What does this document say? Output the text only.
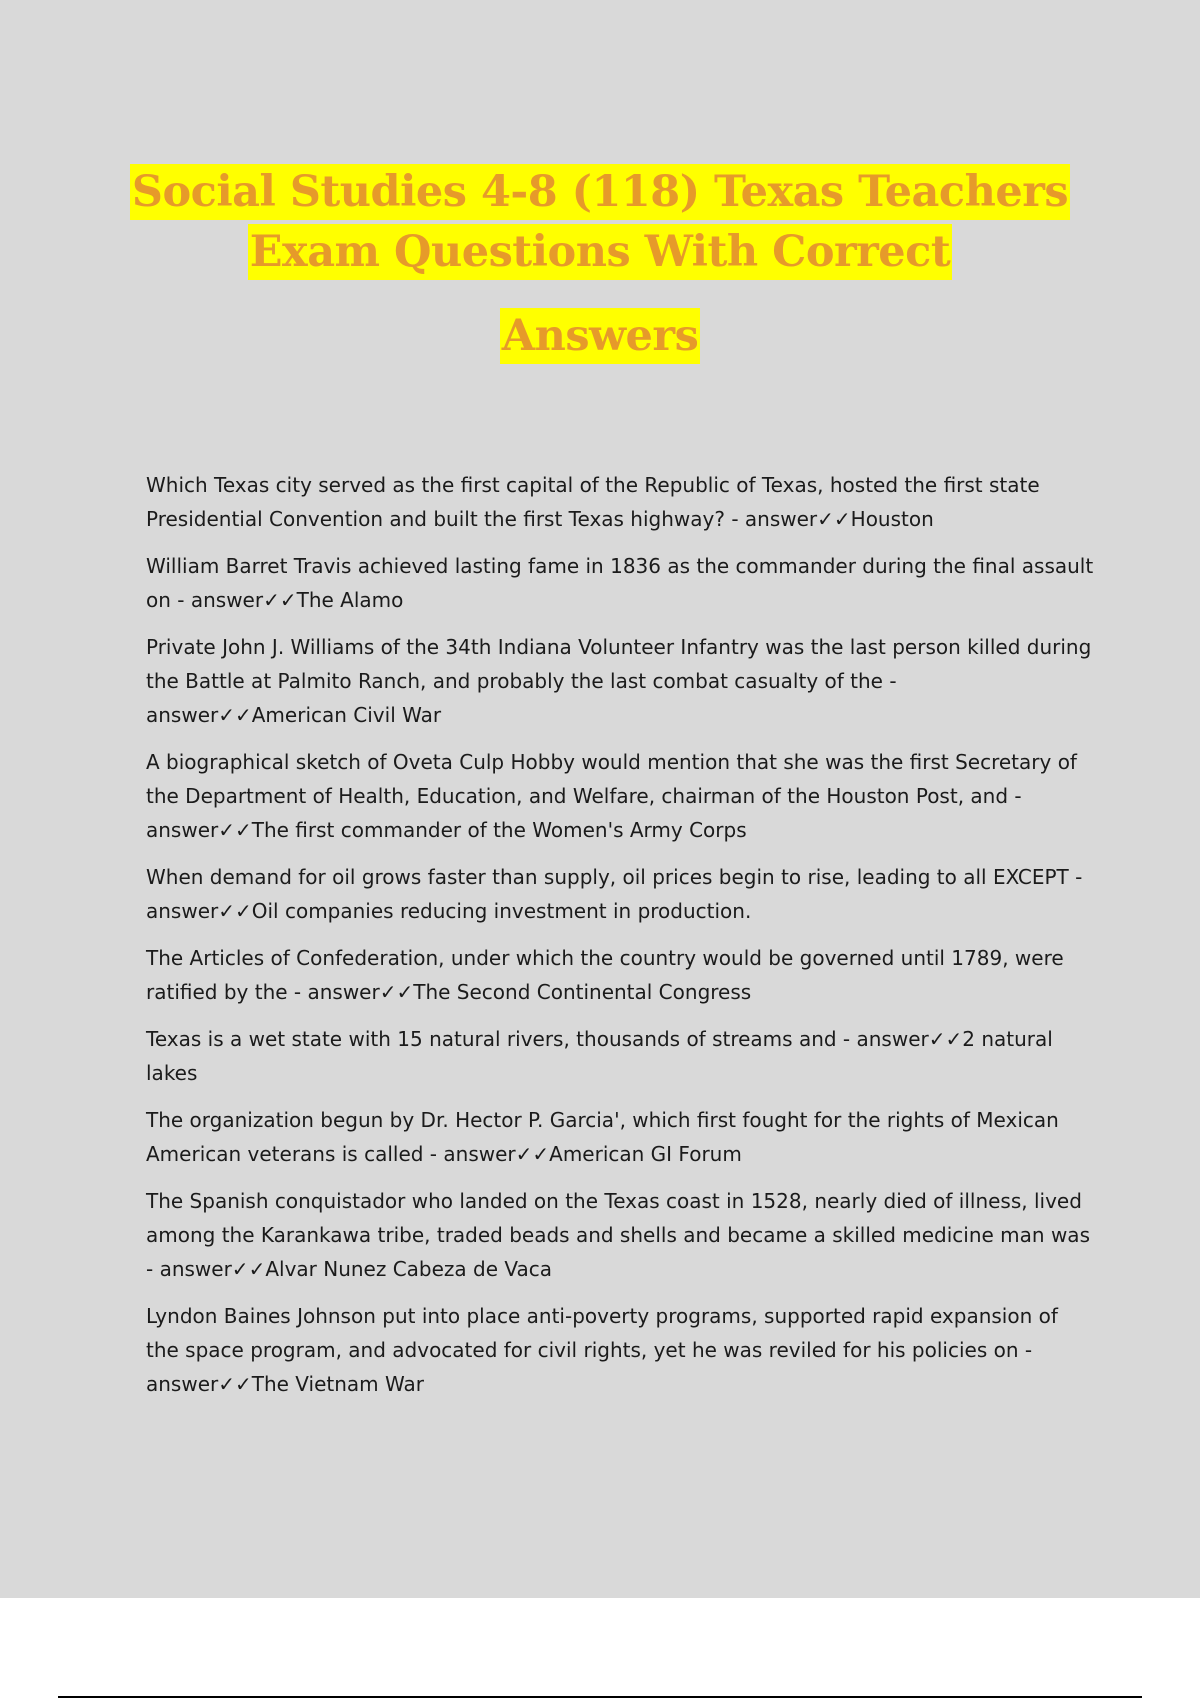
Social Studies 4-8 (118) Texas Teachers
Exam Questions With Correct
Answers

Which Texas city served as the first capital of the Republic of Texas, hosted the first state Presidential Convention and built the first Texas highway? - answer✓✓Houston

William Barret Travis achieved lasting fame in 1836 as the commander during the final assault on - answer✓✓The Alamo

Private John J. Williams of the 34th Indiana Volunteer Infantry was the last person killed during the Battle at Palmito Ranch, and probably the last combat casualty of the - answer✓✓American Civil War

A biographical sketch of Oveta Culp Hobby would mention that she was the first Secretary of the Department of Health, Education, and Welfare, chairman of the Houston Post, and - answer✓✓The first commander of the Women's Army Corps

When demand for oil grows faster than supply, oil prices begin to rise, leading to all EXCEPT - answer✓✓Oil companies reducing investment in production.

The Articles of Confederation, under which the country would be governed until 1789, were ratified by the - answer✓✓The Second Continental Congress

Texas is a wet state with 15 natural rivers, thousands of streams and - answer✓✓2 natural lakes

The organization begun by Dr. Hector P. Garcia', which first fought for the rights of Mexican American veterans is called - answer✓✓American GI Forum

The Spanish conquistador who landed on the Texas coast in 1528, nearly died of illness, lived among the Karankawa tribe, traded beads and shells and became a skilled medicine man was - answer✓✓Alvar Nunez Cabeza de Vaca

Lyndon Baines Johnson put into place anti-poverty programs, supported rapid expansion of the space program, and advocated for civil rights, yet he was reviled for his policies on - answer✓✓The Vietnam War
